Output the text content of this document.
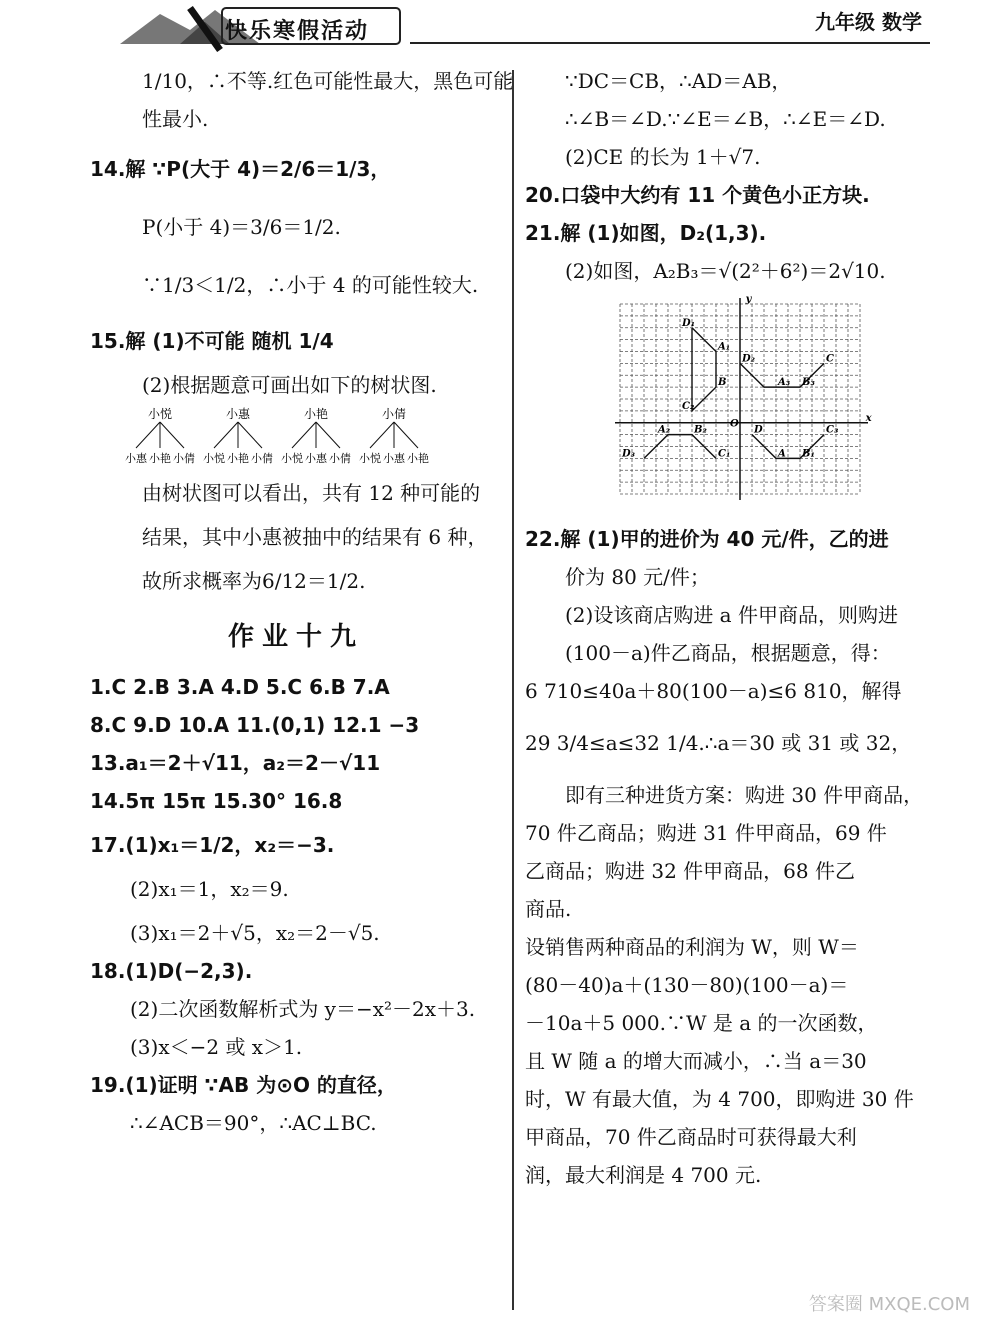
快乐寒假活动	九年级 数学
1/10，∴不等.红色可能性最大，黑色可能
性最小.
14.解 ∵P(大于 4)＝2/6＝1/3，
P(小于 4)＝3/6＝1/2.
∵1/3＜1/2，∴小于 4 的可能性较大.
15.解 (1)不可能 随机 1/4
(2)根据题意可画出如下的树状图.
小悦
小惠 小艳 小倩
小惠
小悦 小艳 小倩
小艳
小悦 小惠 小倩
小倩
小悦 小惠 小艳
由树状图可以看出，共有 12 种可能的
结果，其中小惠被抽中的结果有 6 种，
故所求概率为6/12＝1/2.
作业十九
1.C 2.B 3.A 4.D 5.C 6.B 7.A
8.C 9.D 10.A 11.(0,1) 12.1 −3
13.a₁＝2＋√11，a₂＝2－√11
14.5π 15π 15.30° 16.8
17.(1)x₁＝1/2，x₂＝−3.
(2)x₁＝1，x₂＝9.
(3)x₁＝2＋√5，x₂＝2－√5.
18.(1)D(−2,3).
(2)二次函数解析式为 y＝−x²－2x＋3.
(3)x＜−2 或 x＞1.
19.(1)证明 ∵AB 为⊙O 的直径，
∴∠ACB＝90°，∴AC⊥BC.
∵DC＝CB，∴AD＝AB，
∴∠B＝∠D.∵∠E＝∠B，∴∠E＝∠D.
(2)CE 的长为 1＋√7.
20.口袋中大约有 11 个黄色小正方块.
21.解 (1)如图，D₂(1,3).
(2)如图，A₂B₃＝√(2²＋6²)＝2√10.
D₁
A₁
D₂
C₂
B
C
A₂ B₂
A₃ B₃
C₃
D₃	A B₁
C₁
D
O
x
y
22.解 (1)甲的进价为 40 元/件，乙的进
价为 80 元/件；
(2)设该商店购进 a 件甲商品，则购进
(100－a)件乙商品，根据题意，得：
6 710≤40a＋80(100－a)≤6 810，解得
29 3/4≤a≤32 1/4.∴a＝30 或 31 或 32，
即有三种进货方案：购进 30 件甲商品，
70 件乙商品；购进 31 件甲商品，69 件
乙商品；购进 32 件甲商品，68 件乙
商品.
设销售两种商品的利润为 W，则 W＝
(80－40)a＋(130－80)(100－a)＝
－10a＋5 000.∵W 是 a 的一次函数，
且 W 随 a 的增大而减小，∴当 a＝30
时，W 有最大值，为 4 700，即购进 30 件
甲商品，70 件乙商品时可获得最大利
润，最大利润是 4 700 元.
答案圈 MXQE.COM
